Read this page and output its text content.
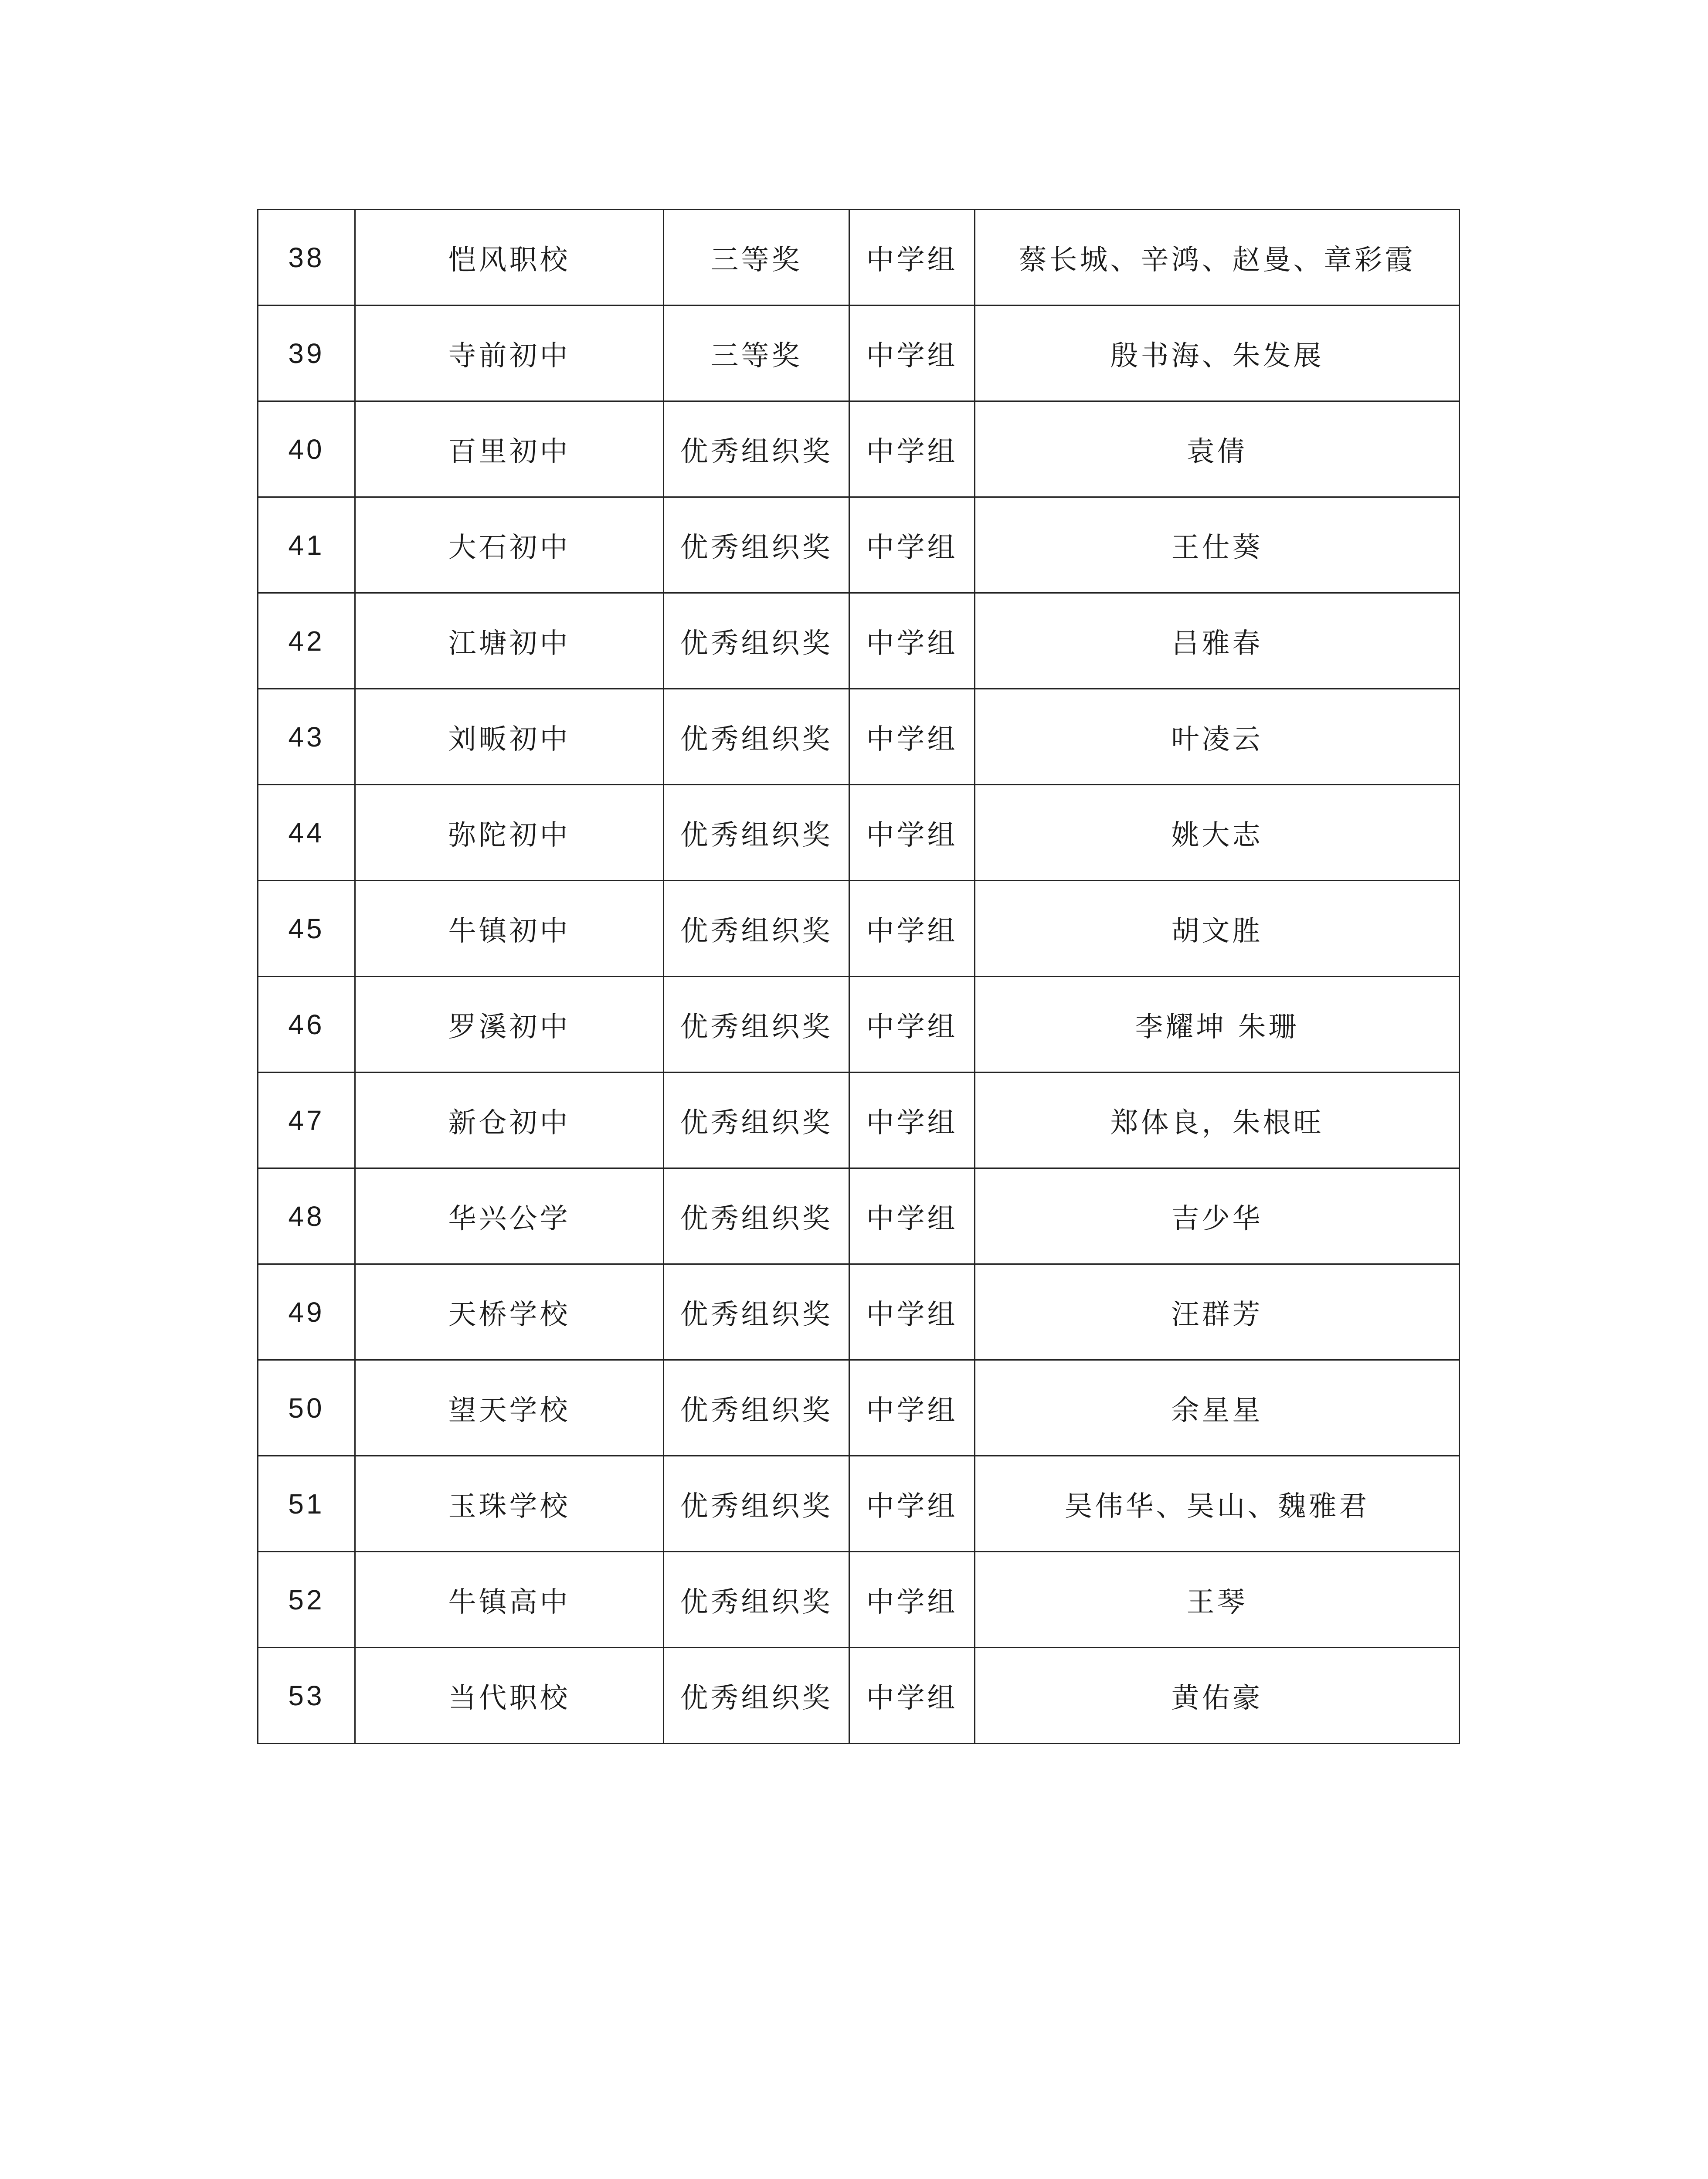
38	恺风职校	三等奖	中学组	蔡长城、辛鸿、赵曼、章彩霞
39	寺前初中	三等奖	中学组	殷书海、朱发展
40	百里初中	优秀组织奖	中学组	袁倩
41	大石初中	优秀组织奖	中学组	王仕葵
42	江塘初中	优秀组织奖	中学组	吕雅春
43	刘畈初中	优秀组织奖	中学组	叶凌云
44	弥陀初中	优秀组织奖	中学组	姚大志
45	牛镇初中	优秀组织奖	中学组	胡文胜
46	罗溪初中	优秀组织奖	中学组	李耀坤 朱珊
47	新仓初中	优秀组织奖	中学组	郑体良，朱根旺
48	华兴公学	优秀组织奖	中学组	吉少华
49	天桥学校	优秀组织奖	中学组	汪群芳
50	望天学校	优秀组织奖	中学组	余星星
51	玉珠学校	优秀组织奖	中学组	吴伟华、吴山、魏雅君
52	牛镇高中	优秀组织奖	中学组	王琴
53	当代职校	优秀组织奖	中学组	黄佑豪
